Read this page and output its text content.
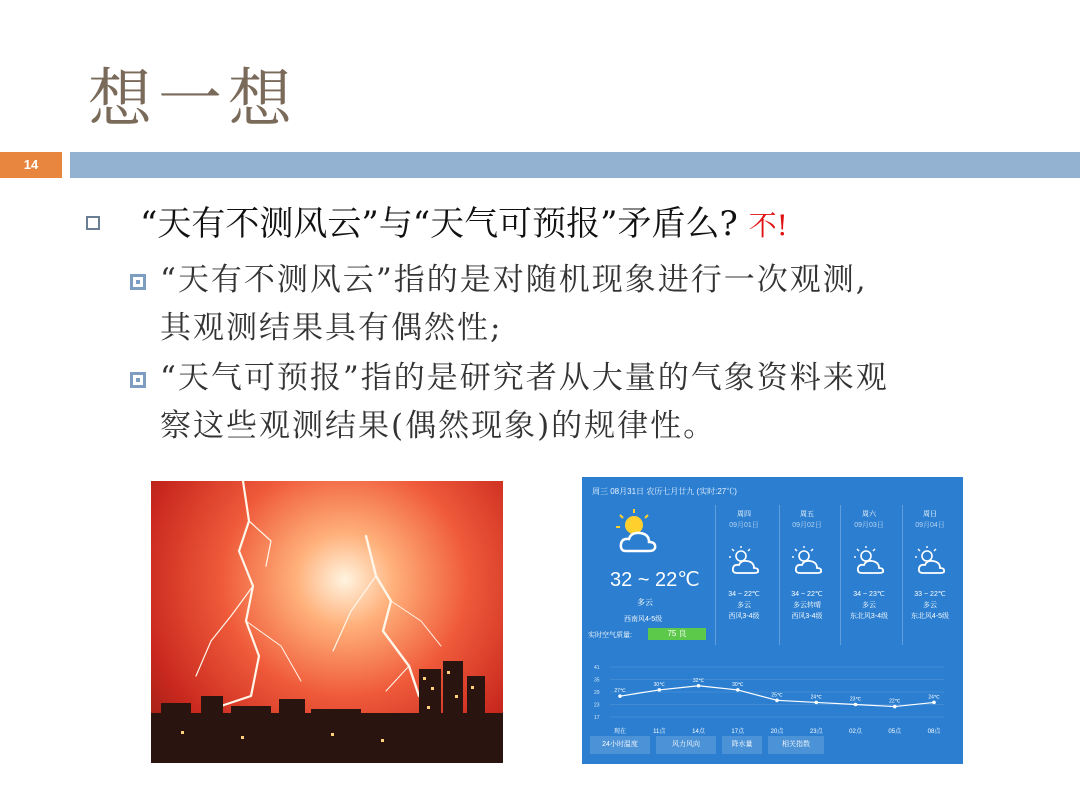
想一想
14
“天有不测风云”与“天气可预报”矛盾么? 不!
“天有不测风云”指的是对随机现象进行一次观测,
其观测结果具有偶然性;
“天气可预报”指的是研究者从大量的气象资料来观
察这些观测结果(偶然现象)的规律性。
周三 08月31日 农历七月廿九 (实时:27℃)
32 ~ 22℃
多云
西南风4-5级
实时空气质量:	75 良
周四
09月01日
34 ~ 22℃
多云
西风3-4级
周五
09月02日
34 ~ 22℃
多云转晴
西风3-4级
周六
09月03日
34 ~ 23℃
多云
东北风3-4级
周日
09月04日
33 ~ 22℃
多云
东北风4-5级
41
35
29
23
17
27℃
现在
30℃
11点
32℃
14点
30℃
17点
25℃
20点
24℃
23点
23℃
02点
22℃
05点
24℃
08点
24小时温度	风力风向	降水量	相关指数
